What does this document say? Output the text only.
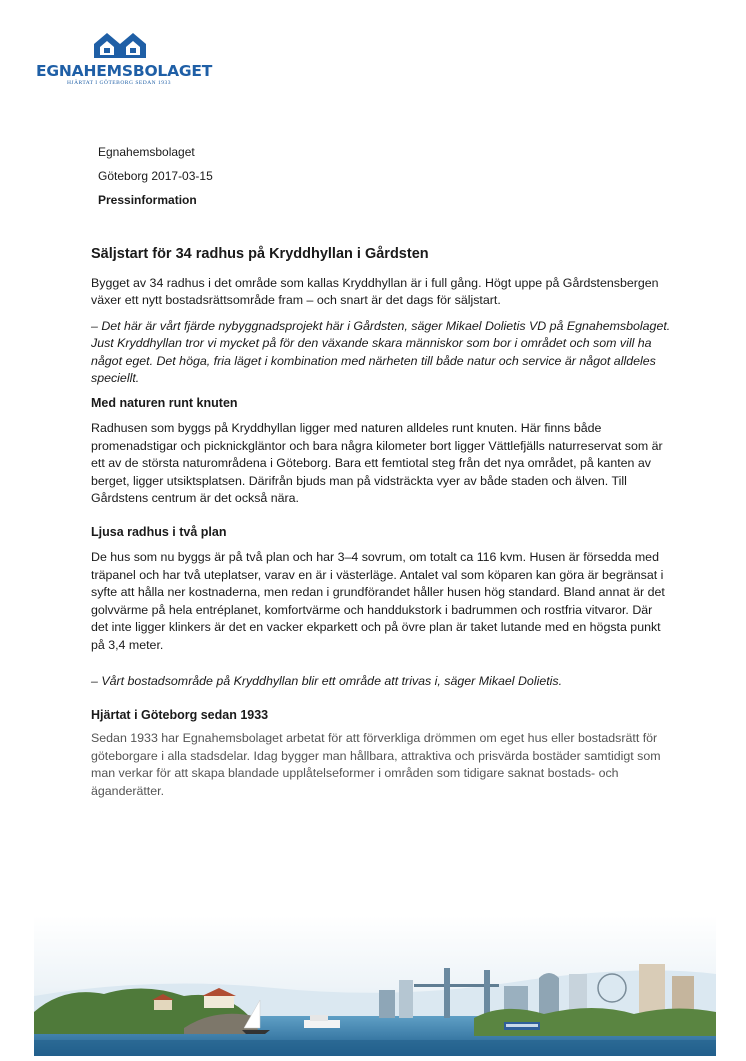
EGNAHEMSBOLAGET
HJÄRTAT I GÖTEBORG SEDAN 1933
Egnahemsbolaget
Göteborg 2017-03-15
Pressinformation
Säljstart för 34 radhus på Kryddhyllan i Gårdsten

Bygget av 34 radhus i det område som kallas Kryddhyllan är i full gång. Högt uppe på Gårdstensbergen växer ett nytt bostadsrättsområde fram – och snart är det dags för säljstart.

– Det här är vårt fjärde nybyggnadsprojekt här i Gårdsten, säger Mikael Dolietis VD på Egnahemsbolaget. Just Kryddhyllan tror vi mycket på för den växande skara människor som bor i området och som vill ha något eget. Det höga, fria läget i kombination med närheten till både natur och service är något alldeles speciellt.

Med naturen runt knuten

Radhusen som byggs på Kryddhyllan ligger med naturen alldeles runt knuten. Här finns både promenadstigar och picknickgläntor och bara några kilometer bort ligger Vättlefjälls naturreservat som är ett av de största naturområdena i Göteborg. Bara ett femtiotal steg från det nya området, på kanten av berget, ligger utsiktsplatsen. Därifrån bjuds man på vidsträckta vyer av både staden och älven. Till Gårdstens centrum är det också nära.

Ljusa radhus i två plan

De hus som nu byggs är på två plan och har 3–4 sovrum, om totalt ca 116 kvm. Husen är försedda med träpanel och har två uteplatser, varav en är i västerläge. Antalet val som köparen kan göra är begränsat i syfte att hålla ner kostnaderna, men redan i grundförandet håller husen hög standard. Bland annat är det golvvärme på hela entréplanet, komfortvärme och handdukstork i badrummen och rostfria vitvaror. Där det inte ligger klinkers är det en vacker ekparkett och på övre plan är taket lutande med en högsta punkt på 3,4 meter.

– Vårt bostadsområde på Kryddhyllan blir ett område att trivas i, säger Mikael Dolietis.

Hjärtat i Göteborg sedan 1933

Sedan 1933 har Egnahemsbolaget arbetat för att förverkliga drömmen om eget hus eller bostadsrätt för göteborgare i alla stadsdelar. Idag bygger man hållbara, attraktiva och prisvärda bostäder samtidigt som man verkar för att skapa blandade upplåtelseformer i områden som tidigare saknat bostads- och äganderätter.
